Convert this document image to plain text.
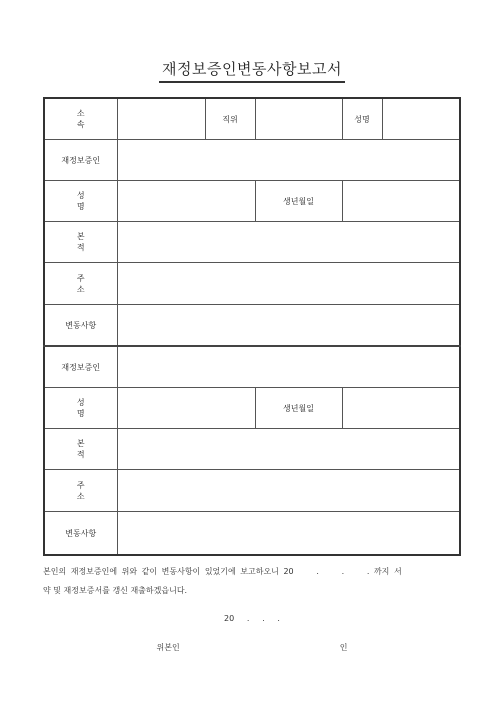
재정보증인변동사항보고서
소 속		직위		성명	
재정보증인					
성 명			생년월일		
본 적					
주 소					
변동사항					
재정보증인					
성 명			생년월일		
본 적					
주 소					
변동사항					
본인의 재정보증인에 위와 같이 변동사항이 있었기에 보고하오니 20     .     .     . 까지 서
약 및 재정보증서를 갱신 재출하겠읍니다.
20     .     .     .
위본인	인
